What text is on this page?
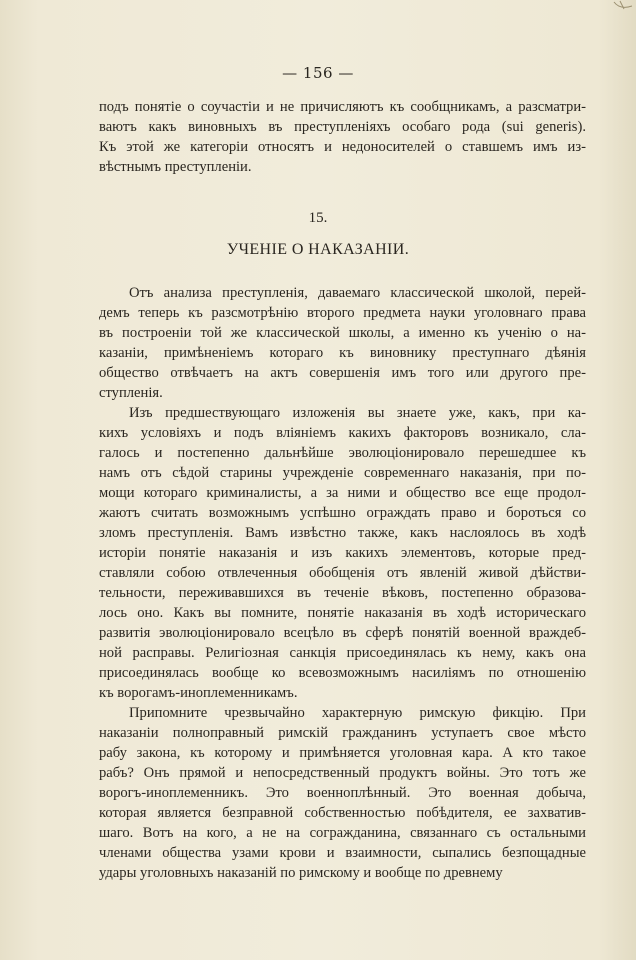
— 156 —
подъ понятіе о соучастіи и не причисляютъ къ сообщникамъ, а разсматри-
ваютъ какъ виновныхъ въ преступленіяхъ особаго рода (sui generis).
Къ этой же категоріи относятъ и недоносителей о ставшемъ имъ из-
вѣстнымъ преступленіи.
15.
УЧЕНІЕ О НАКАЗАНІИ.
Отъ анализа преступленія, даваемаго классической школой, перей-
демъ теперь къ разсмотрѣнію второго предмета науки уголовнаго права
въ построеніи той же классической школы, а именно къ ученію о на-
казаніи, примѣненіемъ котораго къ виновнику преступнаго дѣянія
общество отвѣчаетъ на актъ совершенія имъ того или другого пре-
ступленія.
Изъ предшествующаго изложенія вы знаете уже, какъ, при ка-
кихъ условіяхъ и подъ вліяніемъ какихъ факторовъ возникало, сла-
галось и постепенно дальнѣйше эволюціонировало перешедшее къ
намъ отъ сѣдой старины учрежденіе современнаго наказанія, при по-
мощи котораго криминалисты, а за ними и общество все еще продол-
жаютъ считать возможнымъ успѣшно ограждать право и бороться со
зломъ преступленія. Вамъ извѣстно также, какъ наслоялось въ ходѣ
исторіи понятіе наказанія и изъ какихъ элементовъ, которые пред-
ставляли собою отвлеченныя обобщенія отъ явленій живой дѣйстви-
тельности, переживавшихся въ теченіе вѣковъ, постепенно образова-
лось оно. Какъ вы помните, понятіе наказанія въ ходѣ историческаго
развитія эволюціонировало всецѣло въ сферѣ понятій военной враждеб-
ной расправы. Религіозная санкція присоединялась къ нему, какъ она
присоединялась вообще ко всевозможнымъ насиліямъ по отношенію
къ ворогамъ-иноплеменникамъ.
Припомните чрезвычайно характерную римскую фикцію. При
наказаніи полноправный римскій гражданинъ уступаетъ свое мѣсто
рабу закона, къ которому и примѣняется уголовная кара. А кто такое
рабъ? Онъ прямой и непосредственный продуктъ войны. Это тотъ же
ворогъ-иноплеменникъ. Это военноплѣнный. Это военная добыча,
которая является безправной собственностью побѣдителя, ее захватив-
шаго. Вотъ на кого, а не на согражданина, связаннаго съ остальными
членами общества узами крови и взаимности, сыпались безпощадные
удары уголовныхъ наказаній по римскому и вообще по древнему
